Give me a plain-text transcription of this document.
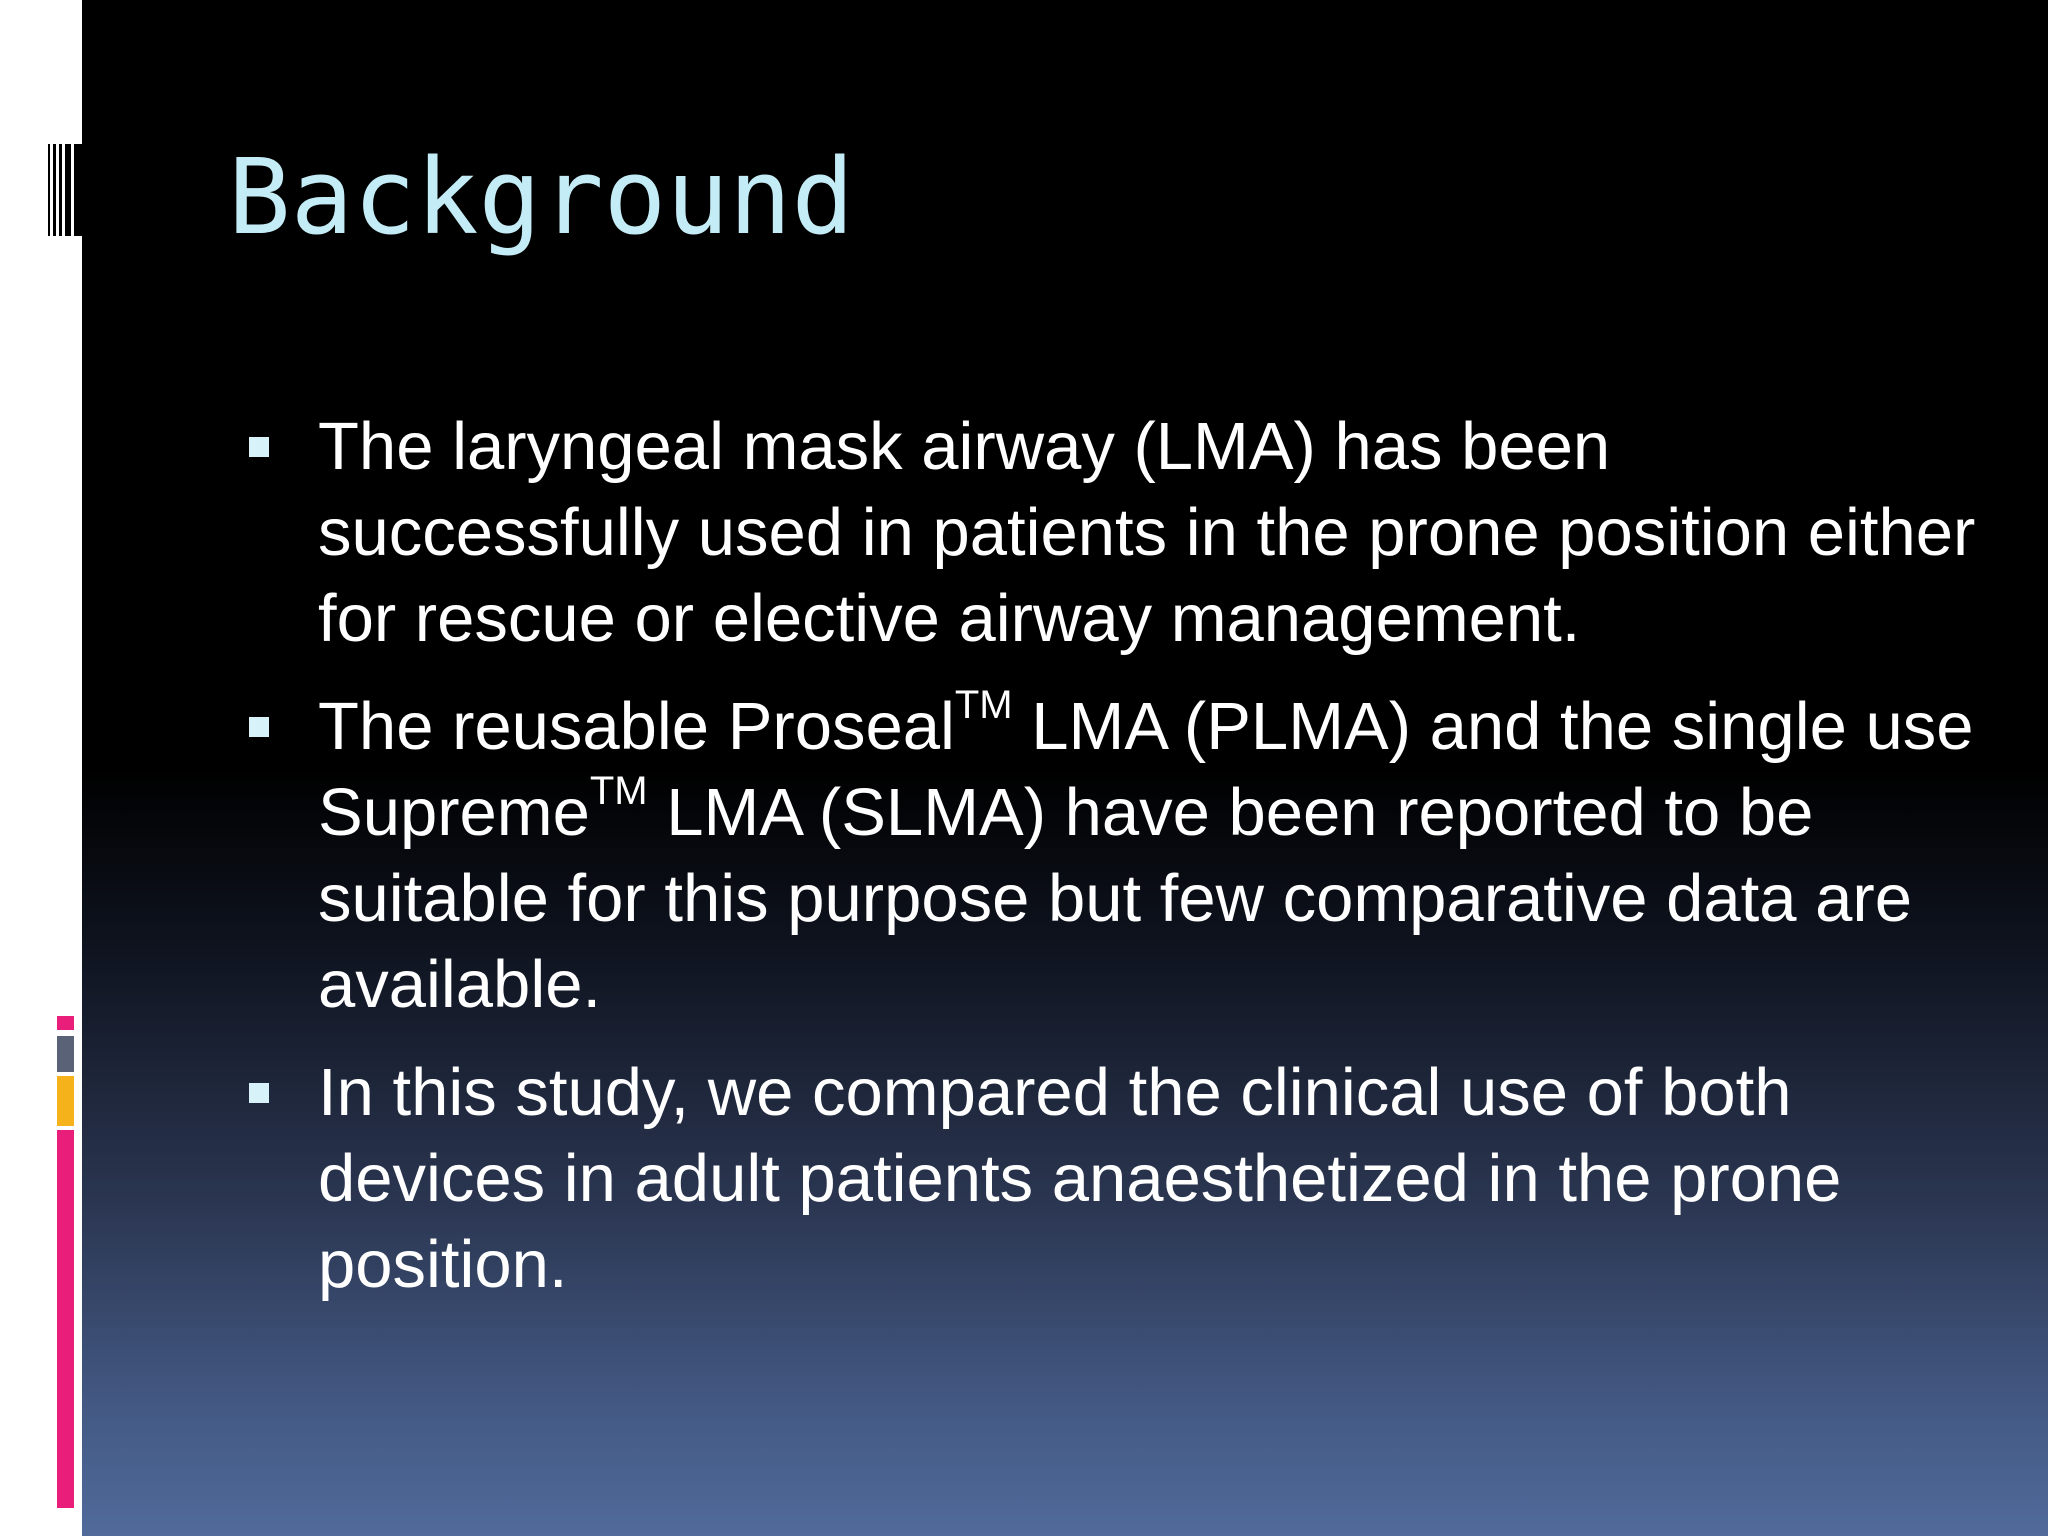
Background
The laryngeal mask airway (LMA) has been successfully used in patients in the prone position either for rescue or elective airway management.
The reusable Proseal™ LMA (PLMA) and the single use Supreme™ LMA (SLMA) have been reported to be suitable for this purpose but few comparative data are available.
In this study, we compared the clinical use of both devices in adult patients anaesthetized in the prone position.
